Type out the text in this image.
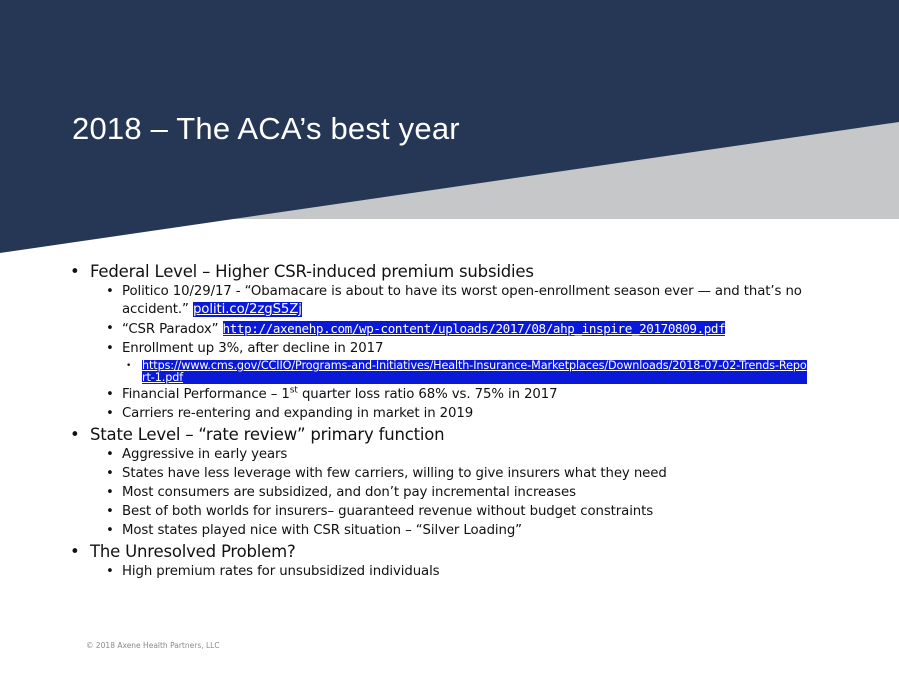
2018 – The ACA’s best year
• Federal Level – Higher CSR-induced premium subsidies
• Politico 10/29/17 - “Obamacare is about to have its worst open-enrollment season ever — and that’s no accident.” politi.co/2zgS5Zj
• “CSR Paradox” http://axenehp.com/wp-content/uploads/2017/08/ahp_inspire_20170809.pdf
• Enrollment up 3%, after decline in 2017
• https://www.cms.gov/CCIIO/Programs-and-Initiatives/Health-Insurance-Marketplaces/Downloads/2018-07-02-Trends-Report-1.pdf
• Financial Performance – 1st quarter loss ratio 68% vs. 75% in 2017
• Carriers re-entering and expanding in market in 2019
• State Level – “rate review” primary function
• Aggressive in early years
• States have less leverage with few carriers, willing to give insurers what they need
• Most consumers are subsidized, and don’t pay incremental increases
• Best of both worlds for insurers– guaranteed revenue without budget constraints
• Most states played nice with CSR situation – “Silver Loading”
• The Unresolved Problem?
• High premium rates for unsubsidized individuals
© 2018 Axene Health Partners, LLC
